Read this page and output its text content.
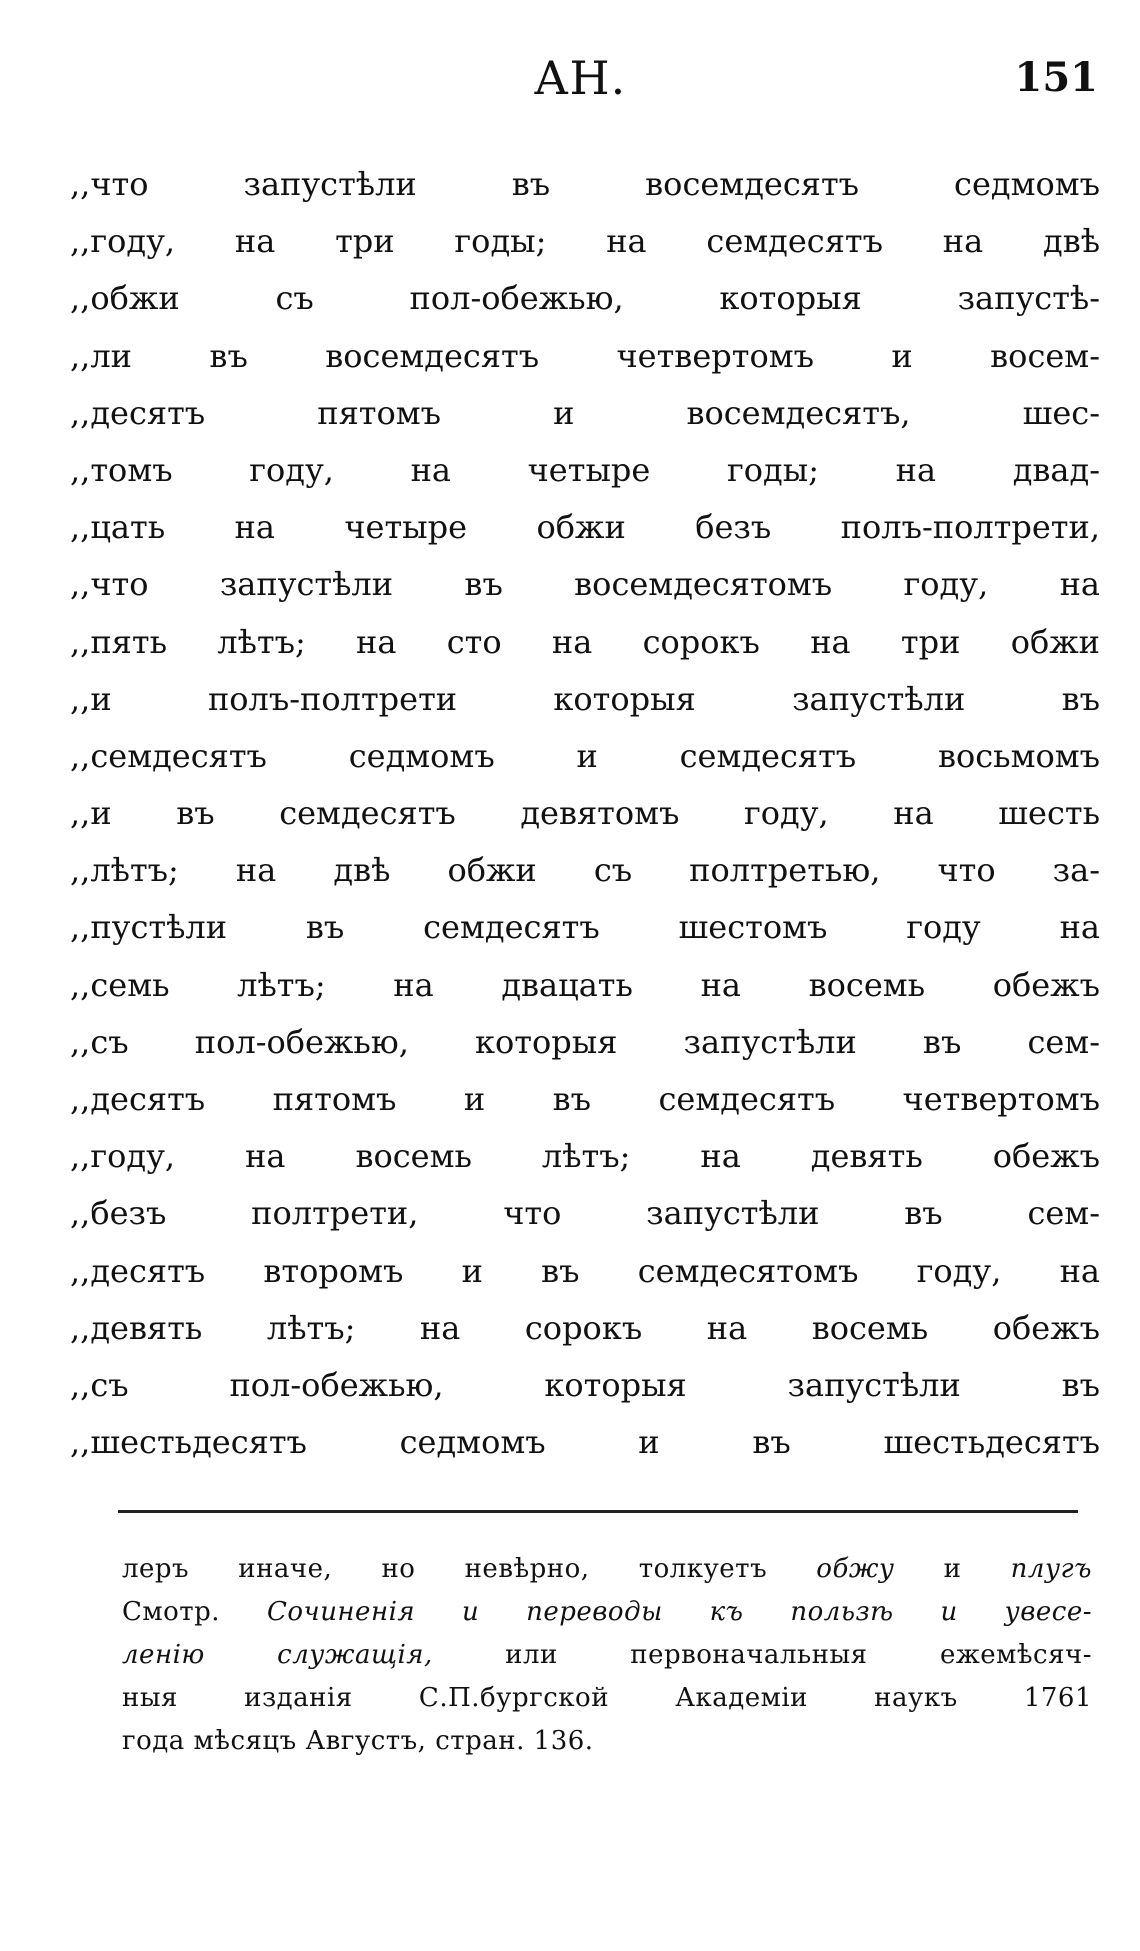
АН.	151
,,что запустѣли въ восемдесятъ седмомъ
,,году, на три годы; на семдесятъ на двѣ
,,обжи съ пол-обежью, которыя запустѣ-
,,ли въ восемдесятъ четвертомъ и восем-
,,десятъ пятомъ и восемдесятъ, шес-
,,томъ году, на четыре годы; на двад-
,,цать на четыре обжи безъ полъ-полтрети,
,,что запустѣли въ восемдесятомъ году, на
,,пять лѣтъ; на сто на сорокъ на три обжи
,,и полъ-полтрети которыя запустѣли въ
,,семдесятъ седмомъ и семдесятъ восьмомъ
,,и въ семдесятъ девятомъ году, на шесть
,,лѣтъ; на двѣ обжи съ полтретью, что за-
,,пустѣли въ семдесятъ шестомъ году на
,,семь лѣтъ; на двацать на восемь обежъ
,,съ пол-обежью, которыя запустѣли въ сем-
,,десятъ пятомъ и въ семдесятъ четвертомъ
,,году, на восемь лѣтъ; на девять обежъ
,,безъ полтрети, что запустѣли въ сем-
,,десятъ второмъ и въ семдесятомъ году, на
,,девять лѣтъ; на сорокъ на восемь обежъ
,,съ пол-обежью, которыя запустѣли въ
,,шестьдесятъ седмомъ и въ шестьдесятъ
леръ иначе, но невѣрно, толкуетъ обжу и плугъ
Смотр. Сочиненія и переводы къ пользѣ и увесе-
ленію служащія, или первоначальныя ежемѣсяч-
ныя изданія С.П.бургской Академіи наукъ 1761
года мѣсяцъ Августъ, стран. 136.
